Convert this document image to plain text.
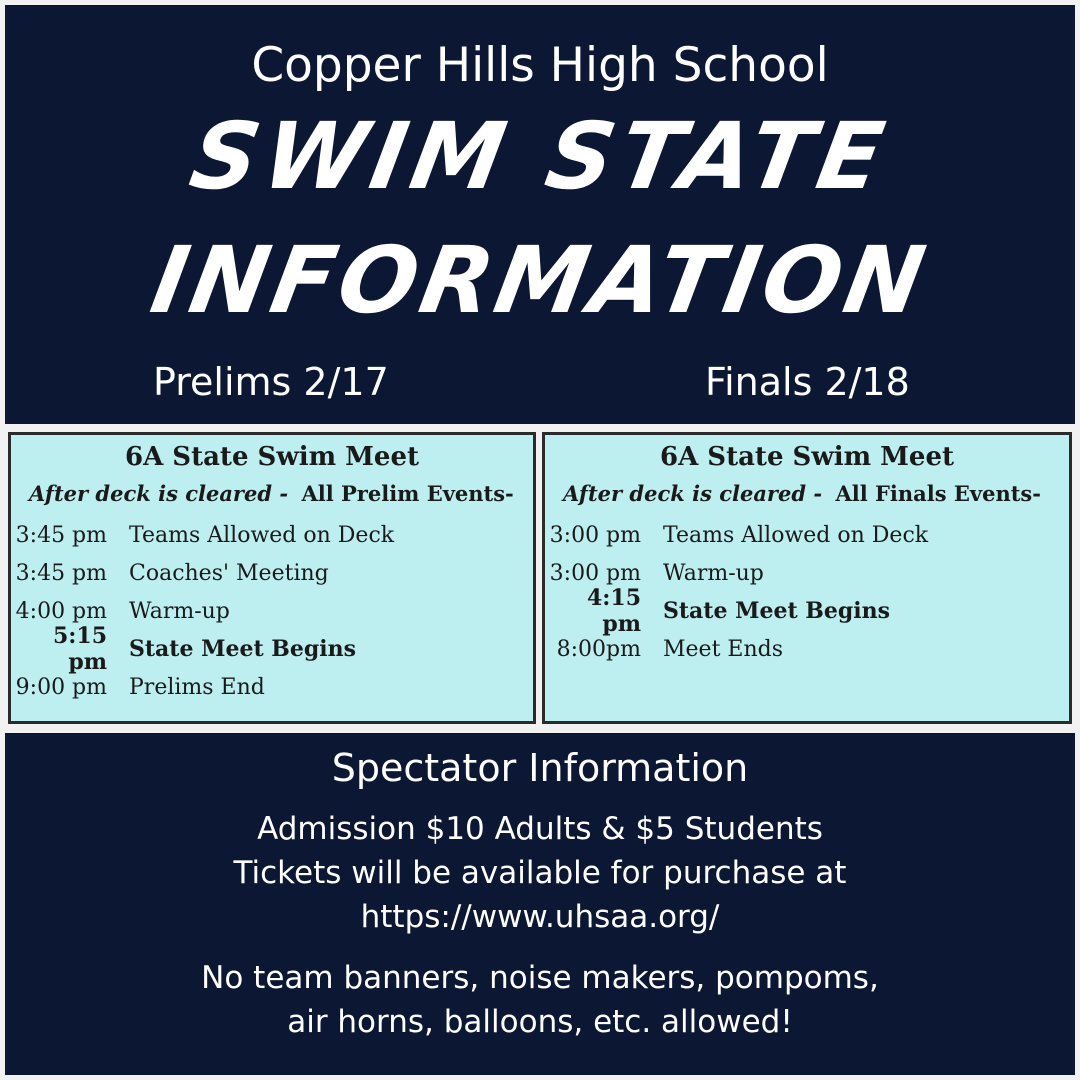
Copper Hills High School
SWIM STATE
INFORMATION
Prelims 2/17	Finals 2/18
6A State Swim Meet
After deck is cleared - All Prelim Events-
3:45 pm	Teams Allowed on Deck
3:45 pm	Coaches' Meeting
4:00 pm	Warm-up
5:15 pm	State Meet Begins
9:00 pm	Prelims End
6A State Swim Meet
After deck is cleared - All Finals Events-
3:00 pm	Teams Allowed on Deck
3:00 pm	Warm-up
4:15 pm	State Meet Begins
8:00pm	Meet Ends
Spectator Information
Admission $10 Adults & $5 Students
Tickets will be available for purchase at
https://www.uhsaa.org/
No team banners, noise makers, pompoms,
air horns, balloons, etc. allowed!
